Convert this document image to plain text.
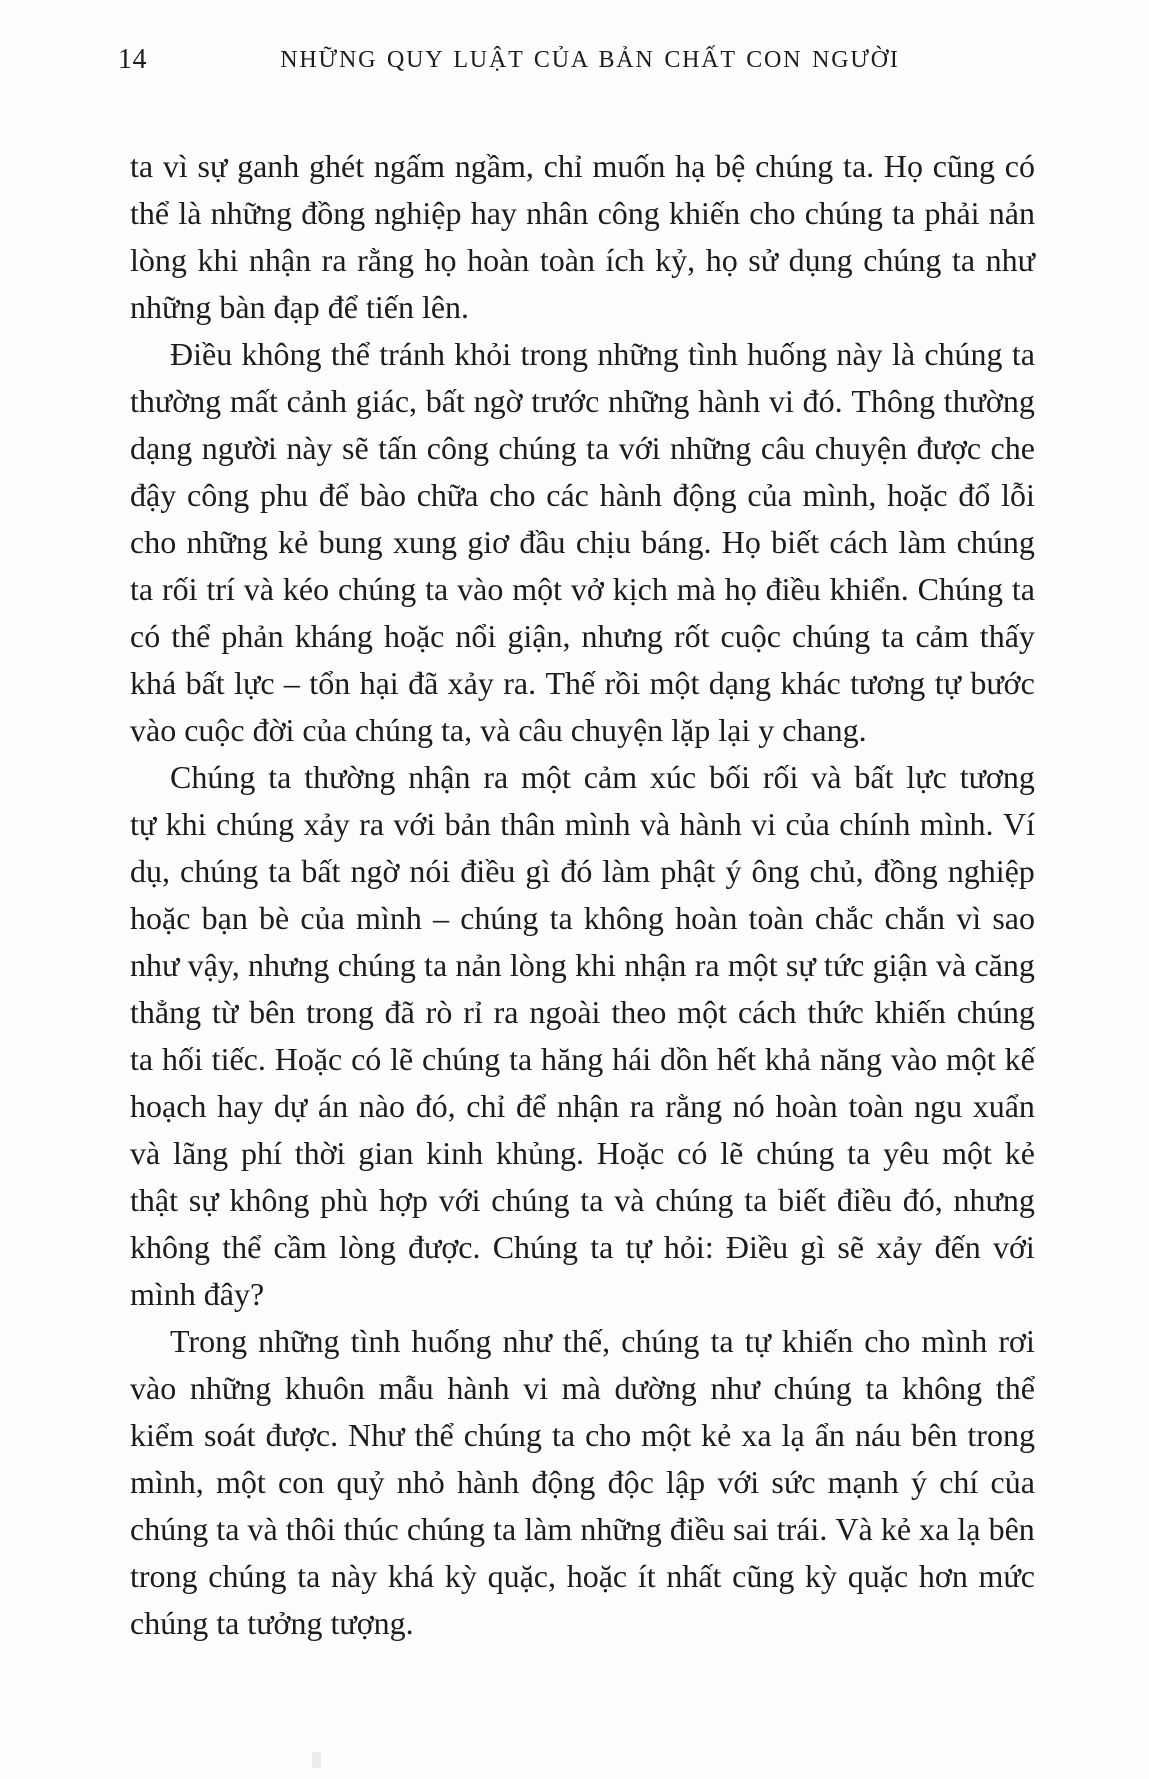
14	NHỮNG QUY LUẬT CỦA BẢN CHẤT CON NGƯỜI

ta vì sự ganh ghét ngấm ngầm, chỉ muốn hạ bệ chúng ta. Họ cũng có
thể là những đồng nghiệp hay nhân công khiến cho chúng ta phải nản
lòng khi nhận ra rằng họ hoàn toàn ích kỷ, họ sử dụng chúng ta như
những bàn đạp để tiến lên.

Điều không thể tránh khỏi trong những tình huống này là chúng ta
thường mất cảnh giác, bất ngờ trước những hành vi đó. Thông thường
dạng người này sẽ tấn công chúng ta với những câu chuyện được che
đậy công phu để bào chữa cho các hành động của mình, hoặc đổ lỗi
cho những kẻ bung xung giơ đầu chịu báng. Họ biết cách làm chúng
ta rối trí và kéo chúng ta vào một vở kịch mà họ điều khiển. Chúng ta
có thể phản kháng hoặc nổi giận, nhưng rốt cuộc chúng ta cảm thấy
khá bất lực – tổn hại đã xảy ra. Thế rồi một dạng khác tương tự bước
vào cuộc đời của chúng ta, và câu chuyện lặp lại y chang.

Chúng ta thường nhận ra một cảm xúc bối rối và bất lực tương
tự khi chúng xảy ra với bản thân mình và hành vi của chính mình. Ví
dụ, chúng ta bất ngờ nói điều gì đó làm phật ý ông chủ, đồng nghiệp
hoặc bạn bè của mình – chúng ta không hoàn toàn chắc chắn vì sao
như vậy, nhưng chúng ta nản lòng khi nhận ra một sự tức giận và căng
thẳng từ bên trong đã rò rỉ ra ngoài theo một cách thức khiến chúng
ta hối tiếc. Hoặc có lẽ chúng ta hăng hái dồn hết khả năng vào một kế
hoạch hay dự án nào đó, chỉ để nhận ra rằng nó hoàn toàn ngu xuẩn
và lãng phí thời gian kinh khủng. Hoặc có lẽ chúng ta yêu một kẻ
thật sự không phù hợp với chúng ta và chúng ta biết điều đó, nhưng
không thể cầm lòng được. Chúng ta tự hỏi: Điều gì sẽ xảy đến với
mình đây?

Trong những tình huống như thế, chúng ta tự khiến cho mình rơi
vào những khuôn mẫu hành vi mà dường như chúng ta không thể
kiểm soát được. Như thể chúng ta cho một kẻ xa lạ ẩn náu bên trong
mình, một con quỷ nhỏ hành động độc lập với sức mạnh ý chí của
chúng ta và thôi thúc chúng ta làm những điều sai trái. Và kẻ xa lạ bên
trong chúng ta này khá kỳ quặc, hoặc ít nhất cũng kỳ quặc hơn mức
chúng ta tưởng tượng.
